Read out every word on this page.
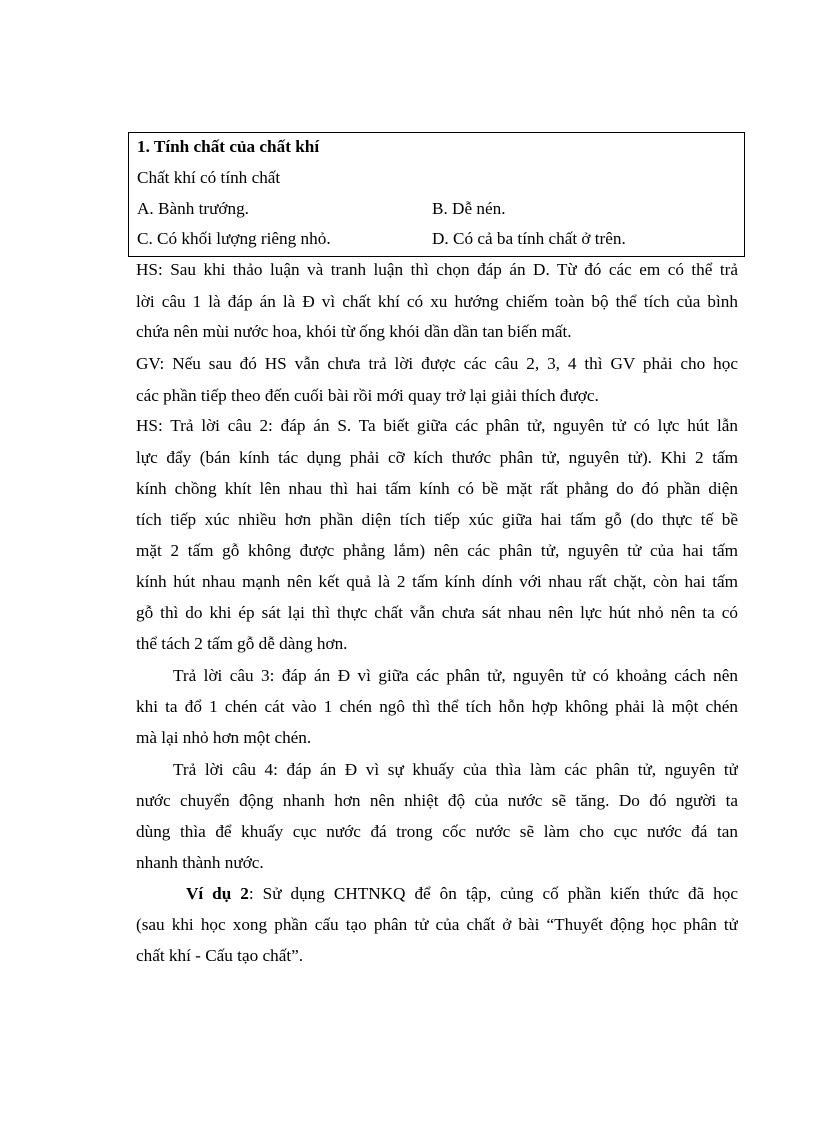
1. Tính chất của chất khí
Chất khí có tính chất
A. Bành trướng.	B. Dễ nén.
C. Có khối lượng riêng nhỏ.	D. Có cả ba tính chất ở trên.
HS: Sau khi thảo luận và tranh luận thì chọn đáp án D. Từ đó các em có thể trả
lời câu 1 là đáp án là Đ vì chất khí có xu hướng chiếm toàn bộ thể tích của bình
chứa nên mùi nước hoa, khói từ ống khói dần dần tan biến mất.
GV: Nếu sau đó HS vẫn chưa trả lời được các câu 2, 3, 4 thì GV phải cho học
các phần tiếp theo đến cuối bài rồi mới quay trở lại giải thích được.
HS: Trả lời câu 2: đáp án S. Ta biết giữa các phân tử, nguyên tử có lực hút lẫn
lực đẩy (bán kính tác dụng phải cỡ kích thước phân tử, nguyên tử). Khi 2 tấm
kính chồng khít lên nhau thì hai tấm kính có bề mặt rất phẳng do đó phần diện
tích tiếp xúc nhiều hơn phần diện tích tiếp xúc giữa hai tấm gỗ (do thực tế bề
mặt 2 tấm gỗ không được phẳng lắm) nên các phân tử, nguyên tử của hai tấm
kính hút nhau mạnh nên kết quả là 2 tấm kính dính với nhau rất chặt, còn hai tấm
gỗ thì do khi ép sát lại thì thực chất vẫn chưa sát nhau nên lực hút nhỏ nên ta có
thể tách 2 tấm gỗ dễ dàng hơn.
Trả lời câu 3: đáp án Đ vì giữa các phân tử, nguyên tử có khoảng cách nên
khi ta đổ 1 chén cát vào 1 chén ngô thì thể tích hỗn hợp không phải là một chén
mà lại nhỏ hơn một chén.
Trả lời câu 4: đáp án Đ vì sự khuấy của thìa làm các phân tử, nguyên tử
nước chuyển động nhanh hơn nên nhiệt độ của nước sẽ tăng. Do đó người ta
dùng thìa để khuấy cục nước đá trong cốc nước sẽ làm cho cục nước đá tan
nhanh thành nước.
Ví dụ 2: Sử dụng CHTNKQ để ôn tập, củng cố phần kiến thức đã học
(sau khi học xong phần cấu tạo phân tử của chất ở bài “Thuyết động học phân tử
chất khí - Cấu tạo chất”.
